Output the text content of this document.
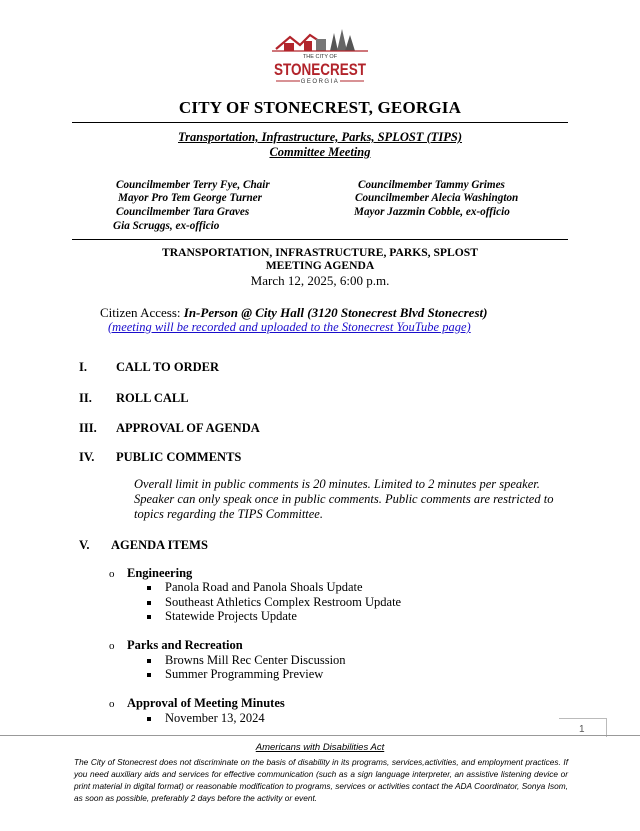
THE CITY OF
STONECREST
GEORGIA
CITY OF STONECREST, GEORGIA
Transportation, Infrastructure, Parks, SPLOST (TIPS)
Committee Meeting
Councilmember Terry Fye, Chair
Mayor Pro Tem George Turner
Councilmember Tara Graves
Gia Scruggs, ex-officio
Councilmember Tammy Grimes
Councilmember Alecia Washington
Mayor Jazzmin Cobble, ex-officio
TRANSPORTATION, INFRASTRUCTURE, PARKS, SPLOST
MEETING AGENDA
March 12, 2025, 6:00 p.m.
Citizen Access: In-Person @ City Hall (3120 Stonecrest Blvd Stonecrest)
(meeting will be recorded and uploaded to the Stonecrest YouTube page)
I. CALL TO ORDER
II. ROLL CALL
III. APPROVAL OF AGENDA
IV. PUBLIC COMMENTS
Overall limit in public comments is 20 minutes. Limited to 2 minutes per speaker. Speaker can only speak once in public comments. Public comments are restricted to topics regarding the TIPS Committee.
V. AGENDA ITEMS
o Engineering
Panola Road and Panola Shoals Update
Southeast Athletics Complex Restroom Update
Statewide Projects Update
o Parks and Recreation
Browns Mill Rec Center Discussion
Summer Programming Preview
o Approval of Meeting Minutes
November 13, 2024
1
Americans with Disabilities Act
The City of Stonecrest does not discriminate on the basis of disability in its programs, services,activities, and employment practices. If you need auxiliary aids and services for effective communication (such as a sign language interpreter, an assistive listening device or print material in digital format) or reasonable modification to programs, services or activities contact the ADA Coordinator, Sonya Isom, as soon as possible, preferably 2 days before the activity or event.
